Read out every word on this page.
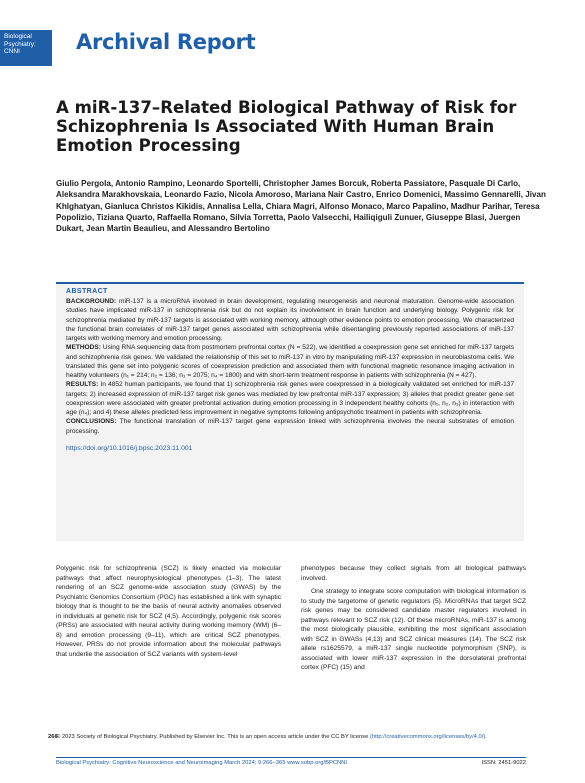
Biological
Psychiatry:
CNNI	Archival Report
A miR-137–Related Biological Pathway of Risk for Schizophrenia Is Associated With Human Brain Emotion Processing
Giulio Pergola, Antonio Rampino, Leonardo Sportelli, Christopher James Borcuk, Roberta Passiatore, Pasquale Di Carlo, Aleksandra Marakhovskaia, Leonardo Fazio, Nicola Amoroso, Mariana Nair Castro, Enrico Domenici, Massimo Gennarelli, Jivan Khlghatyan, Gianluca Christos Kikidis, Annalisa Lella, Chiara Magri, Alfonso Monaco, Marco Papalino, Madhur Parihar, Teresa Popolizio, Tiziana Quarto, Raffaella Romano, Silvia Torretta, Paolo Valsecchi, Hailiqiguli Zunuer, Giuseppe Blasi, Juergen Dukart, Jean Martin Beaulieu, and Alessandro Bertolino
ABSTRACT

BACKGROUND: miR-137 is a microRNA involved in brain development, regulating neurogenesis and neuronal maturation. Genome-wide association studies have implicated miR-137 in schizophrenia risk but do not explain its involvement in brain function and underlying biology. Polygenic risk for schizophrenia mediated by miR-137 targets is associated with working memory, although other evidence points to emotion processing. We characterized the functional brain correlates of miR-137 target genes associated with schizophrenia while disentangling previously reported associations of miR-137 targets with working memory and emotion processing.

METHODS: Using RNA sequencing data from postmortem prefrontal cortex (N = 522), we identified a coexpression gene set enriched for miR-137 targets and schizophrenia risk genes. We validated the relationship of this set to miR-137 in vitro by manipulating miR-137 expression in neuroblastoma cells. We translated this gene set into polygenic scores of coexpression prediction and associated them with functional magnetic resonance imaging activation in healthy volunteers (n₁ = 214; n₂ = 136; n₃ = 2075; n₄ = 1800) and with short-term treatment response in patients with schizophrenia (N = 427).

RESULTS: In 4852 human participants, we found that 1) schizophrenia risk genes were coexpressed in a biologically validated set enriched for miR-137 targets; 2) increased expression of miR-137 target risk genes was mediated by low prefrontal miR-137 expression; 3) alleles that predict greater gene set coexpression were associated with greater prefrontal activation during emotion processing in 3 independent healthy cohorts (n₁, n₂, n₃) in interaction with age (n₄); and 4) these alleles predicted less improvement in negative symptoms following antipsychotic treatment in patients with schizophrenia.

CONCLUSIONS: The functional translation of miR-137 target gene expression linked with schizophrenia involves the neural substrates of emotion processing.

https://doi.org/10.1016/j.bpsc.2023.11.001

Polygenic risk for schizophrenia (SCZ) is likely enacted via molecular pathways that affect neurophysiological phenotypes (1–3). The latest rendering of an SCZ genome-wide association study (GWAS) by the Psychiatric Genomics Consortium (PGC) has established a link with synaptic biology that is thought to be the basis of neural activity anomalies observed in individuals at genetic risk for SCZ (4,5). Accordingly, polygenic risk scores (PRSs) are associated with neural activity during working memory (WM) (6–8) and emotion processing (9–11), which are critical SCZ phenotypes. However, PRSs do not provide information about the molecular pathways that underlie the association of SCZ variants with system-level

phenotypes because they collect signals from all biological pathways involved.

One strategy to integrate score computation with biological information is to study the targetome of genetic regulators (5). MicroRNAs that target SCZ risk genes may be considered candidate master regulators involved in pathways relevant to SCZ risk (12). Of these microRNAs, miR-137 is among the most biologically plausible, exhibiting the most significant association with SCZ in GWASs (4,13) and SCZ clinical measures (14). The SCZ risk allele rs1625579, a miR-137 single nucleotide polymorphism (SNP), is associated with lower miR-137 expression in the dorsolateral prefrontal cortex (PFC) (15) and

266
© 2023 Society of Biological Psychiatry. Published by Elsevier Inc. This is an open access article under the CC BY license (http://creativecommons.org/licenses/by/4.0/).
Biological Psychiatry: Cognitive Neuroscience and Neuroimaging March 2024; 9:266–365 www.sobp.org/BPCNNI	ISSN: 2451-9022
